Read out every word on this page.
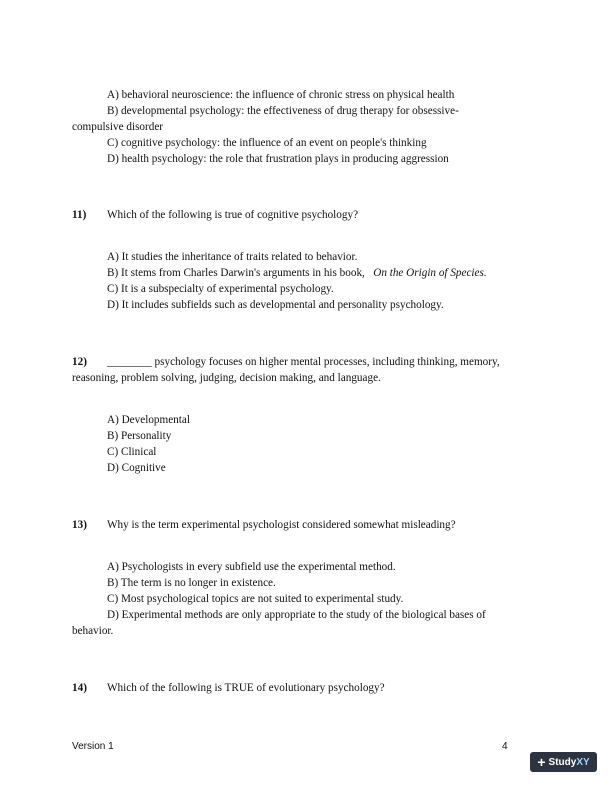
A) behavioral neuroscience: the influence of chronic stress on physical health
B) developmental psychology: the effectiveness of drug therapy for obsessive-
compulsive disorder
C) cognitive psychology: the influence of an event on people's thinking
D) health psychology: the role that frustration plays in producing aggression
11) Which of the following is true of cognitive psychology?
A) It studies the inheritance of traits related to behavior.
B) It stems from Charles Darwin's arguments in his book, On the Origin of Species.
C) It is a subspecialty of experimental psychology.
D) It includes subfields such as developmental and personality psychology.
12) ________ psychology focuses on higher mental processes, including thinking, memory,
reasoning, problem solving, judging, decision making, and language.
A) Developmental
B) Personality
C) Clinical
D) Cognitive
13) Why is the term experimental psychologist considered somewhat misleading?
A) Psychologists in every subfield use the experimental method.
B) The term is no longer in existence.
C) Most psychological topics are not suited to experimental study.
D) Experimental methods are only appropriate to the study of the biological bases of
behavior.
14) Which of the following is TRUE of evolutionary psychology?
Version 1	4
+ StudyXY
